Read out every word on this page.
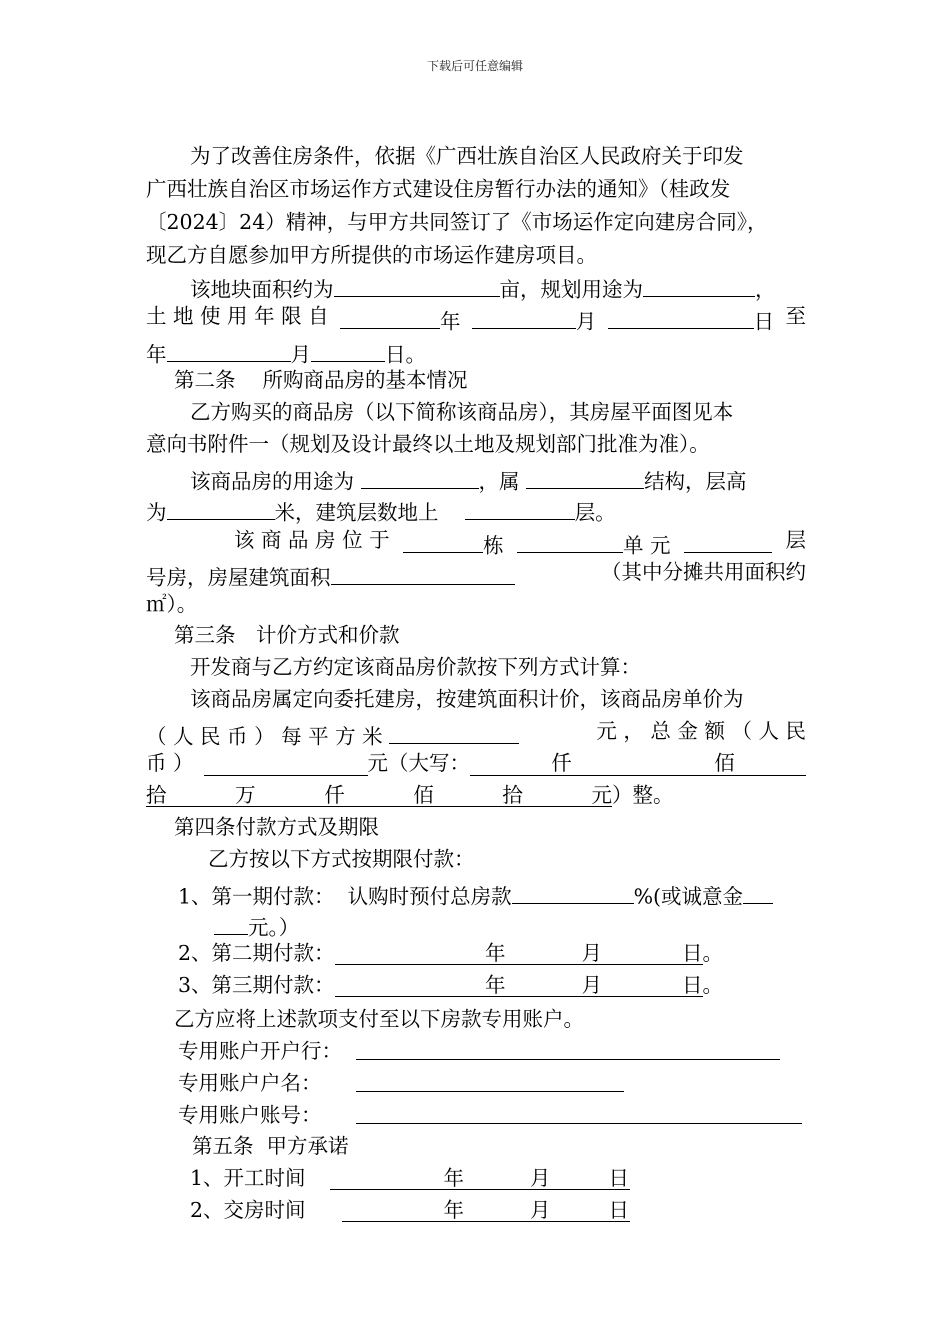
下载后可任意编辑
为了改善住房条件，依据《广西壮族自治区人民政府关于印发
广西壮族自治区市场运作方式建设住房暂行办法的通知》（桂政发
〔2024〕24）精神，与甲方共同签订了《市场运作定向建房合同》，
现乙方自愿参加甲方所提供的市场运作建房项目。
该地块面积约为	亩，规划用途为	，
土 地 使 用 年 限 自	年	月	日 至
年	月	日。
第二条　 所购商品房的基本情况
乙方购买的商品房（以下简称该商品房），其房屋平面图见本
意向书附件一（规划及设计最终以土地及规划部门批准为准）。
该商品房的用途为	，属	结构，层高
为	米，建筑层数地上	层。
该 商 品 房 位 于	栋	单 元	层
号房，房屋建筑面积	（其中分摊共用面积约
㎡）。
第三条　计价方式和价款
开发商与乙方约定该商品房价款按下列方式计算：
该商品房属定向委托建房，按建筑面积计价，该商品房单价为
（ 人 民 币 ） 每 平 方 米	元 ， 总 金 额 （ 人 民
币 ）	元（大写：	仟	佰
拾	万	仟	佰	拾	元 ）整。
第四条付款方式及期限
乙方按以下方式按期限付款：
1、第一期付款：  认购时预付总房款	%(或诚意金
元。）
2、第二期付款：	年	月	日 。
3、第三期付款：	年	月	日 。
乙方应将上述款项支付至以下房款专用账户。
专用账户开户行：
专用账户户名：
专用账户账号：
第五条  甲方承诺
1、开工时间	年	月	日
2、交房时间	年	月	日
